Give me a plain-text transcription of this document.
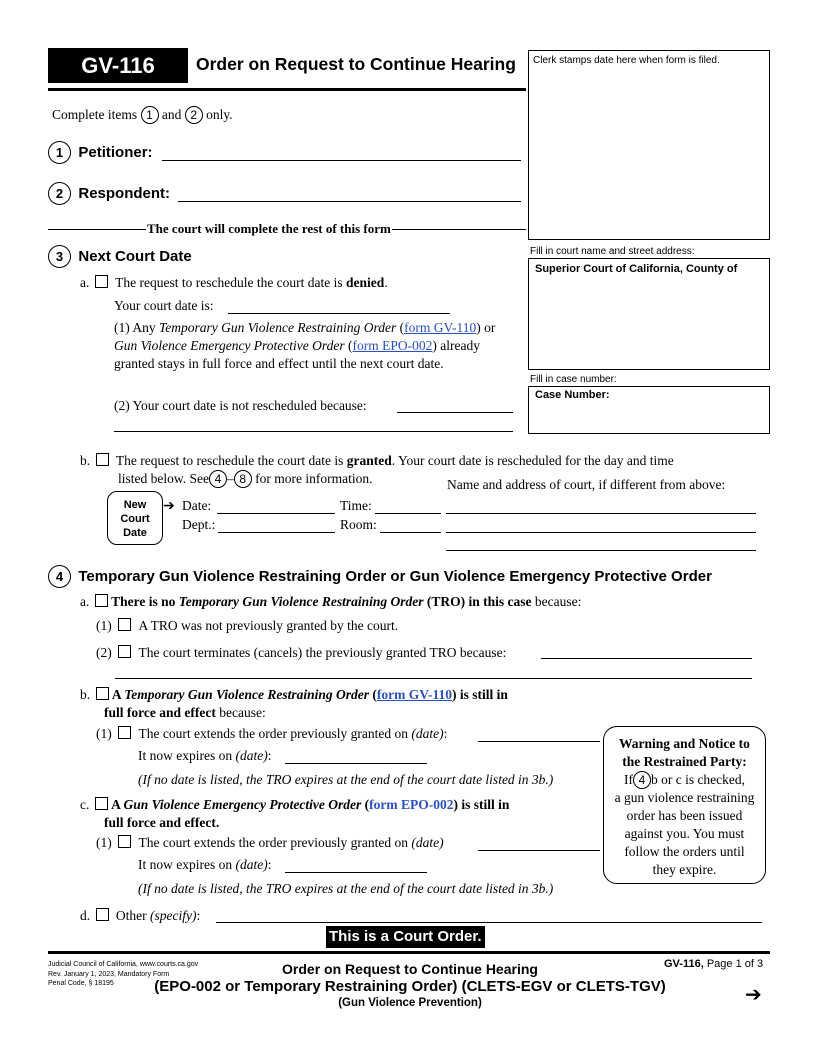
GV-116	Order on Request to Continue Hearing Clerk stamps date here when form is filed.
Complete items 1 and 2 only.
1 Petitioner:
2 Respondent:
The court will complete the rest of this form
Fill in court name and street address:
Superior Court of California, County of
Fill in case number:
Case Number:
3 Next Court Date
a. The request to reschedule the court date is denied.
Your court date is:
(1) Any Temporary Gun Violence Restraining Order (form GV-110) or Gun Violence Emergency Protective Order (form EPO-002) already granted stays in full force and effect until the next court date.
(2) Your court date is not rescheduled because:
b. The request to reschedule the court date is granted. Your court date is rescheduled for the day and time
listed below. See 4 – 8 for more information.	Name and address of court, if different from above:
New
Court
Date
➔ Date:	Time:
Dept.:	Room:
4 Temporary Gun Violence Restraining Order or Gun Violence Emergency Protective Order
a. There is no Temporary Gun Violence Restraining Order (TRO) in this case because:
(1) A TRO was not previously granted by the court.
(2) The court terminates (cancels) the previously granted TRO because:
b. A Temporary Gun Violence Restraining Order (form GV-110) is still in
full force and effect because:
(1) The court extends the order previously granted on (date):
It now expires on (date):
(If no date is listed, the TRO expires at the end of the court date listed in 3b.)
c. A Gun Violence Emergency Protective Order (form EPO-002) is still in
full force and effect.
(1) The court extends the order previously granted on (date)
It now expires on (date):
(If no date is listed, the TRO expires at the end of the court date listed in 3b.)
d. Other (specify):
Warning and Notice to
the Restrained Party:
If 4 b or c is checked,
a gun violence restraining
order has been issued
against you. You must
follow the orders until
they expire.
This is a Court Order.
Judicial Council of California, www.courts.ca.gov
Rev. January 1, 2023, Mandatory Form
Penal Code, § 18195
Order on Request to Continue Hearing
(EPO-002 or Temporary Restraining Order) (CLETS-EGV or CLETS-TGV)
(Gun Violence Prevention)
GV-116, Page 1 of 3
➔
